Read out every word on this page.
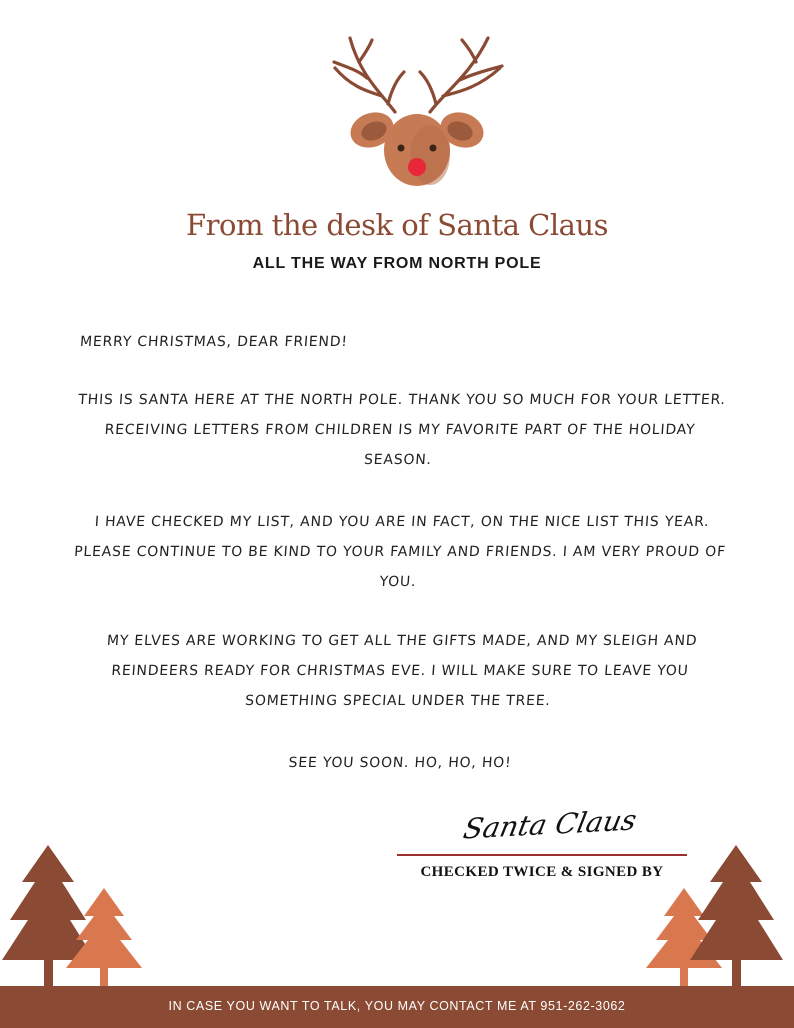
From the desk of Santa Claus
ALL THE WAY FROM NORTH POLE
MERRY CHRISTMAS, DEAR FRIEND!
THIS IS SANTA HERE AT THE NORTH POLE. THANK YOU SO MUCH FOR YOUR LETTER. RECEIVING LETTERS FROM CHILDREN IS MY FAVORITE PART OF THE HOLIDAY SEASON.
I HAVE CHECKED MY LIST, AND YOU ARE IN FACT, ON THE NICE LIST THIS YEAR. PLEASE CONTINUE TO BE KIND TO YOUR FAMILY AND FRIENDS. I AM VERY PROUD OF YOU.
MY ELVES ARE WORKING TO GET ALL THE GIFTS MADE, AND MY SLEIGH AND REINDEERS READY FOR CHRISTMAS EVE. I WILL MAKE SURE TO LEAVE YOU SOMETHING SPECIAL UNDER THE TREE.
SEE YOU SOON. HO, HO, HO!
Santa Claus
CHECKED TWICE & SIGNED BY
IN CASE YOU WANT TO TALK, YOU MAY CONTACT ME AT 951-262-3062
